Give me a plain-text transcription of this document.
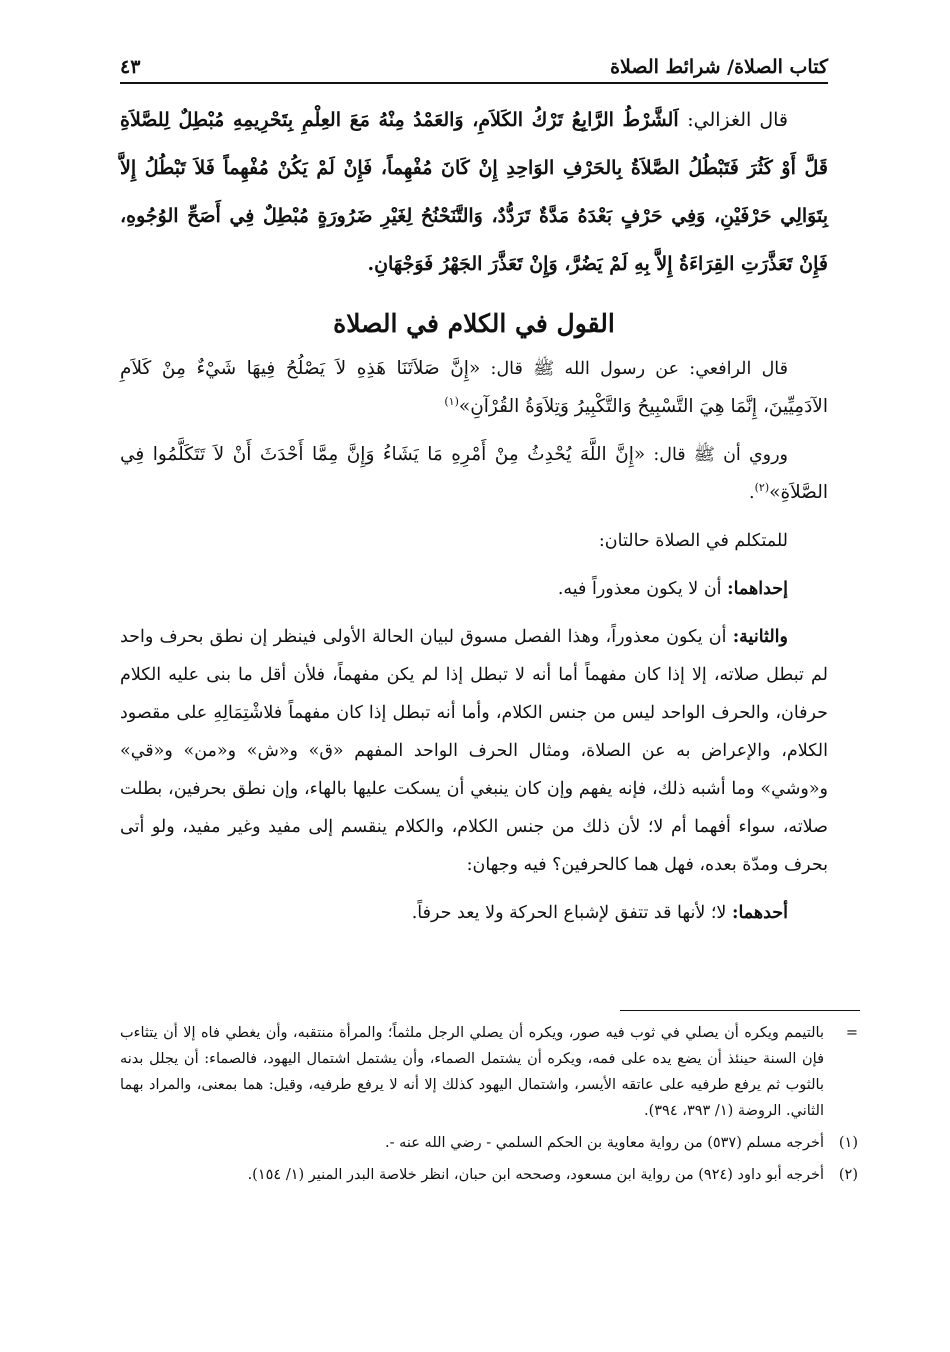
كتاب الصلاة/ شرائط الصلاة
٤٣

قال الغزالي: اَلشَّرْطُ الرَّابِعُ تَرْكُ الكَلاَمِ، وَالعَمْدُ مِنْهُ مَعَ العِلْمِ بِتَحْرِيمِهِ مُبْطِلٌ لِلصَّلاَةِ قَلَّ أَوْ كَثُرَ فَتَبْطُلُ الصَّلاَةُ بِالحَرْفِ الوَاحِدِ إِنْ كَانَ مُفْهِماً، فَإِنْ لَمْ يَكُنْ مُفْهِماً فَلاَ تَبْطُلُ إِلاَّ بِتَوَالِي حَرْفَيْنِ، وَفِي حَرْفٍ بَعْدَهُ مَدَّةٌ تَرَدُّدٌ، وَالتَّنَحْنُحُ لِغَيْرِ ضَرُورَةٍ مُبْطِلٌ فِي أَصَحِّ الوُجُوهِ، فَإِنْ تَعَذَّرَتِ القِرَاءَةُ إِلاَّ بِهِ لَمْ يَضُرَّ، وَإِنْ تَعَذَّرَ الجَهْرُ فَوَجْهَانِ.

القول في الكلام في الصلاة

قال الرافعي: عن رسول الله ﷺ قال: «إِنَّ صَلاَتَنَا هَذِهِ لاَ يَصْلُحُ فِيهَا شَيْءٌ مِنْ كَلاَمِ الآدَمِيِّينَ، إِنَّمَا هِيَ التَّسْبِيحُ وَالتَّكْبِيرُ وَتِلاَوَةُ القُرْآنِ»$^{(١)}$

وروي أن ﷺ قال: «إِنَّ اللَّهَ يُحْدِثُ مِنْ أَمْرِهِ مَا يَشَاءُ وَإِنَّ مِمَّا أَحْدَثَ أَنْ لاَ تَتَكَلَّمُوا فِي الصَّلاَةِ»$^{(٢)}$.

للمتكلم في الصلاة حالتان:

إحداهما: أن لا يكون معذوراً فيه.

والثانية: أن يكون معذوراً، وهذا الفصل مسوق لبيان الحالة الأولى فينظر إن نطق بحرف واحد لم تبطل صلاته، إلا إذا كان مفهماً أما أنه لا تبطل إذا لم يكن مفهماً، فلأن أقل ما بنى عليه الكلام حرفان، والحرف الواحد ليس من جنس الكلام، وأما أنه تبطل إذا كان مفهماً فلاشْتِمَالِهِ على مقصود الكلام، والإعراض به عن الصلاة، ومثال الحرف الواحد المفهم «ق» و«ش» و«من» و«قي» و«وشي» وما أشبه ذلك، فإنه يفهم وإن كان ينبغي أن يسكت عليها بالهاء، وإن نطق بحرفين، بطلت صلاته، سواء أفهما أم لا؛ لأن ذلك من جنس الكلام، والكلام ينقسم إلى مفيد وغير مفيد، ولو أتى بحرف ومدّة بعده، فهل هما كالحرفين؟ فيه وجهان:

أحدهما: لا؛ لأنها قد تتفق لإشباع الحركة ولا يعد حرفاً.

=
بالتيمم ويكره أن يصلي في ثوب فيه صور، ويكره أن يصلي الرجل ملثماً؛ والمرأة منتقبه، وأن يغطي فاه إلا أن يتثاءب فإن السنة حينئذ أن يضع يده على فمه، ويكره أن يشتمل الصماء، وأن يشتمل اشتمال اليهود، فالصماء: أن يجلل بدنه بالثوب ثم يرفع طرفيه على عاتقه الأيسر، واشتمال اليهود كذلك إلا أنه لا يرفع طرفيه، وقيل: هما بمعنى، والمراد بهما الثاني. الروضة (١/ ٣٩٣، ٣٩٤).
(١)
أخرجه مسلم (٥٣٧) من رواية معاوية بن الحكم السلمي - رضي الله عنه -.
(٢)
أخرجه أبو داود (٩٢٤) من رواية ابن مسعود، وصححه ابن حبان، انظر خلاصة البدر المنير (١/ ١٥٤).
